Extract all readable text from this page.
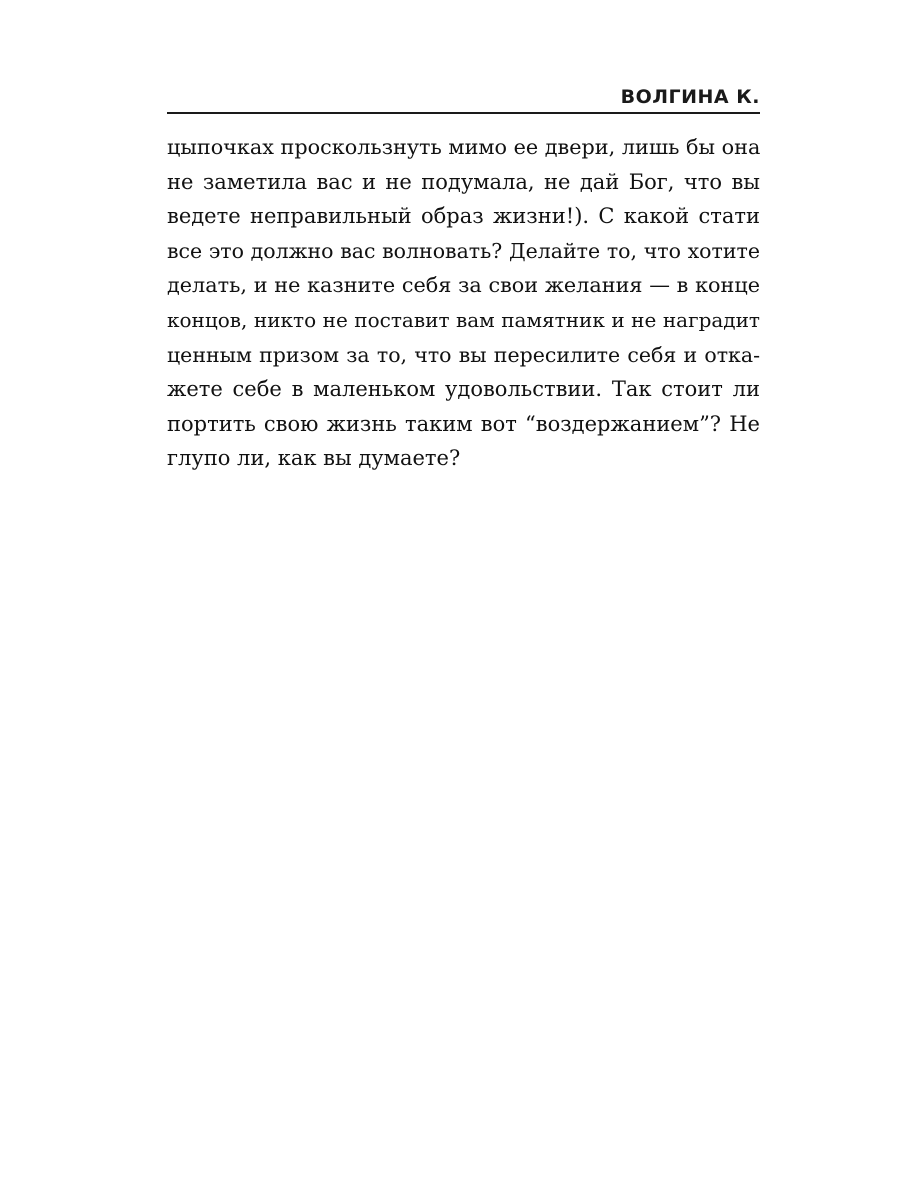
ВОЛГИНА К.
цыпочках проскользнуть мимо ее двери, лишь бы она
не заметила вас и не подумала, не дай Бог, что вы
ведете неправильный образ жизни!). С какой стати
все это должно вас волновать? Делайте то, что хотите
делать, и не казните себя за свои желания — в конце
концов, никто не поставит вам памятник и не наградит
ценным призом за то, что вы пересилите себя и отка-
жете себе в маленьком удовольствии. Так стоит ли
портить свою жизнь таким вот “воздержанием”? Не
глупо ли, как вы думаете?
